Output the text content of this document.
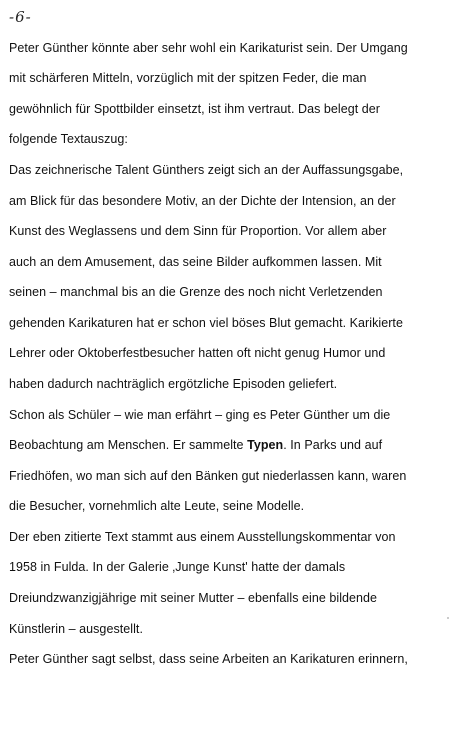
-6-
Peter Günther könnte aber sehr wohl ein Karikaturist sein. Der Umgang
mit schärferen Mitteln, vorzüglich mit der spitzen Feder, die man
gewöhnlich für Spottbilder einsetzt, ist ihm vertraut. Das belegt der
folgende Textauszug:
Das zeichnerische Talent Günthers zeigt sich an der Auffassungsgabe,
am Blick für das besondere Motiv, an der Dichte der Intension, an der
Kunst des Weglassens und dem Sinn für Proportion. Vor allem aber
auch an dem Amusement, das seine Bilder aufkommen lassen. Mit
seinen – manchmal bis an die Grenze des noch nicht Verletzenden
gehenden Karikaturen hat er schon viel böses Blut gemacht. Karikierte
Lehrer oder Oktoberfestbesucher hatten oft nicht genug Humor und
haben dadurch nachträglich ergötzliche Episoden geliefert.
Schon als Schüler – wie man erfährt – ging es Peter Günther um die
Beobachtung am Menschen. Er sammelte Typen. In Parks und auf
Friedhöfen, wo man sich auf den Bänken gut niederlassen kann, waren
die Besucher, vornehmlich alte Leute, seine Modelle.
Der eben zitierte Text stammt aus einem Ausstellungskommentar von
1958 in Fulda. In der Galerie ‚Junge Kunst' hatte der damals
Dreiundzwanzigjährige mit seiner Mutter – ebenfalls eine bildende
Künstlerin – ausgestellt.
Peter Günther sagt selbst, dass seine Arbeiten an Karikaturen erinnern,
